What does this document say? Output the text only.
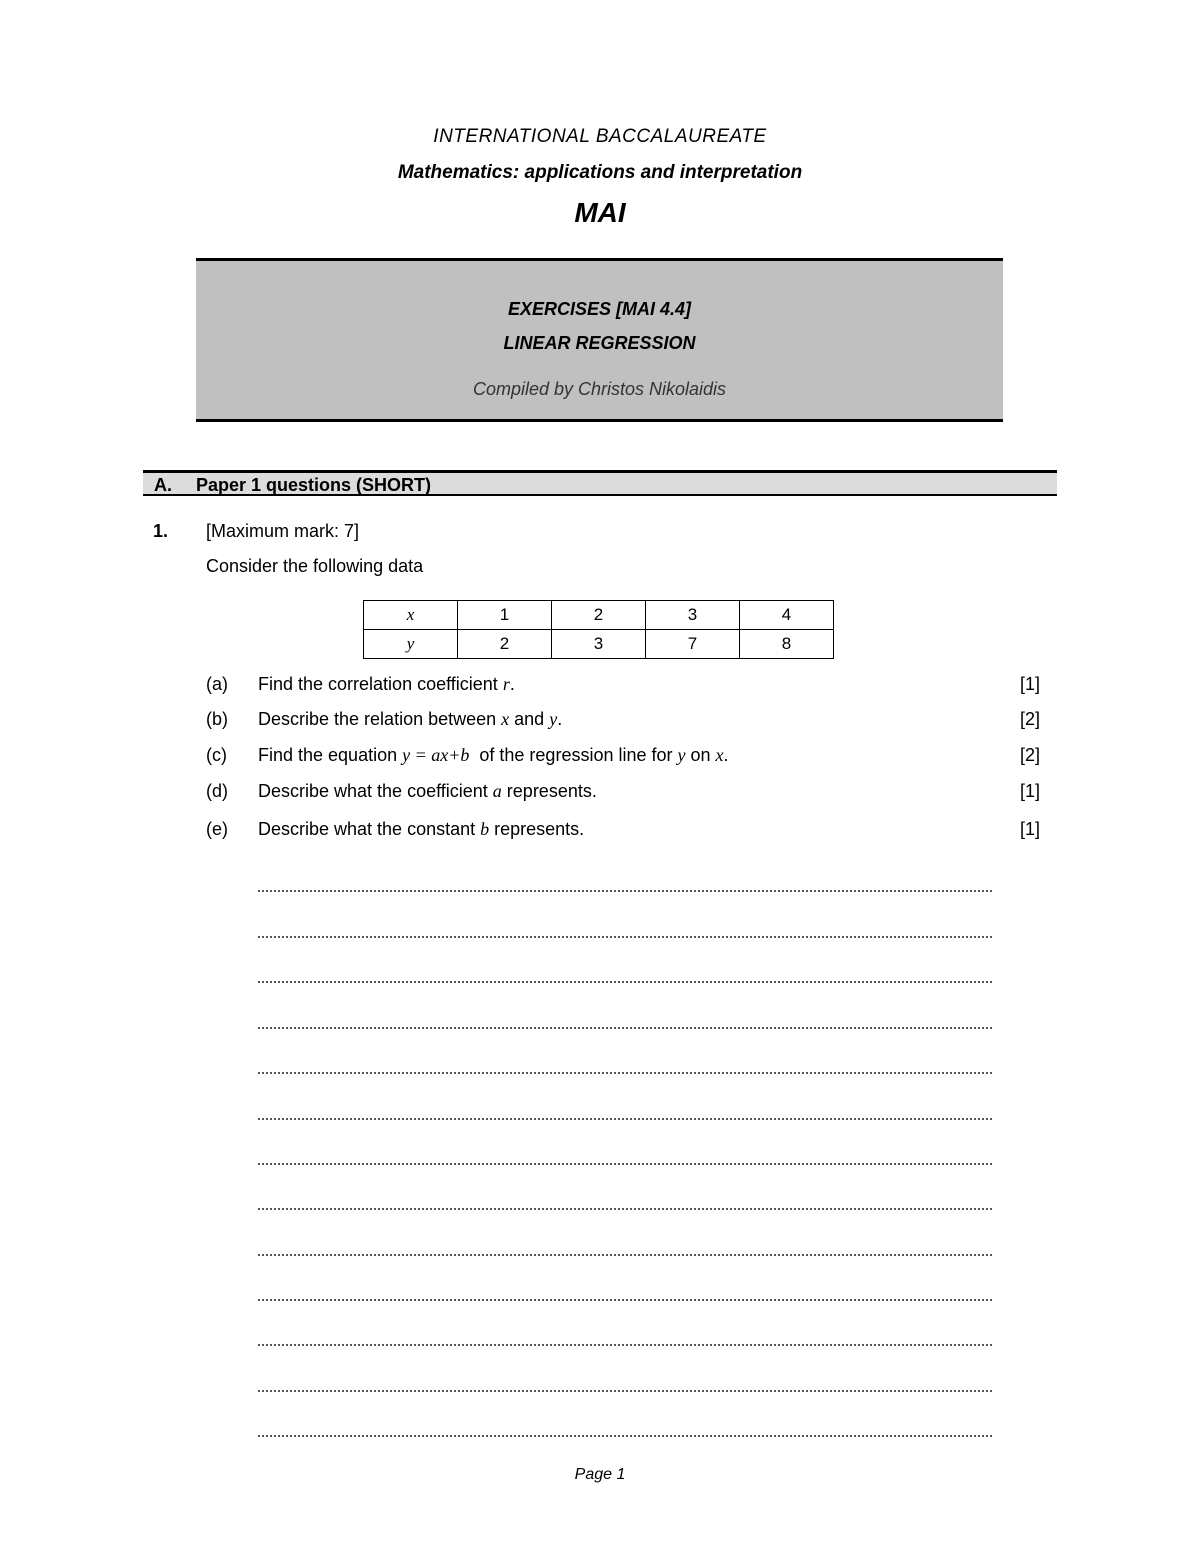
INTERNATIONAL BACCALAUREATE
Mathematics: applications and interpretation
MAI
EXERCISES [MAI 4.4]
LINEAR REGRESSION
Compiled by Christos Nikolaidis
A. Paper 1 questions (SHORT)
1. [Maximum mark: 7]
Consider the following data
x	1	2	3	4
y	2	3	7	8
(a) Find the correlation coefficient r.	[1]
(b) Describe the relation between x and y.	[2]
(c) Find the equation y = ax+b  of the regression line for y on x.	[2]
(d) Describe what the coefficient a represents.	[1]
(e) Describe what the constant b represents.	[1]
Page 1
